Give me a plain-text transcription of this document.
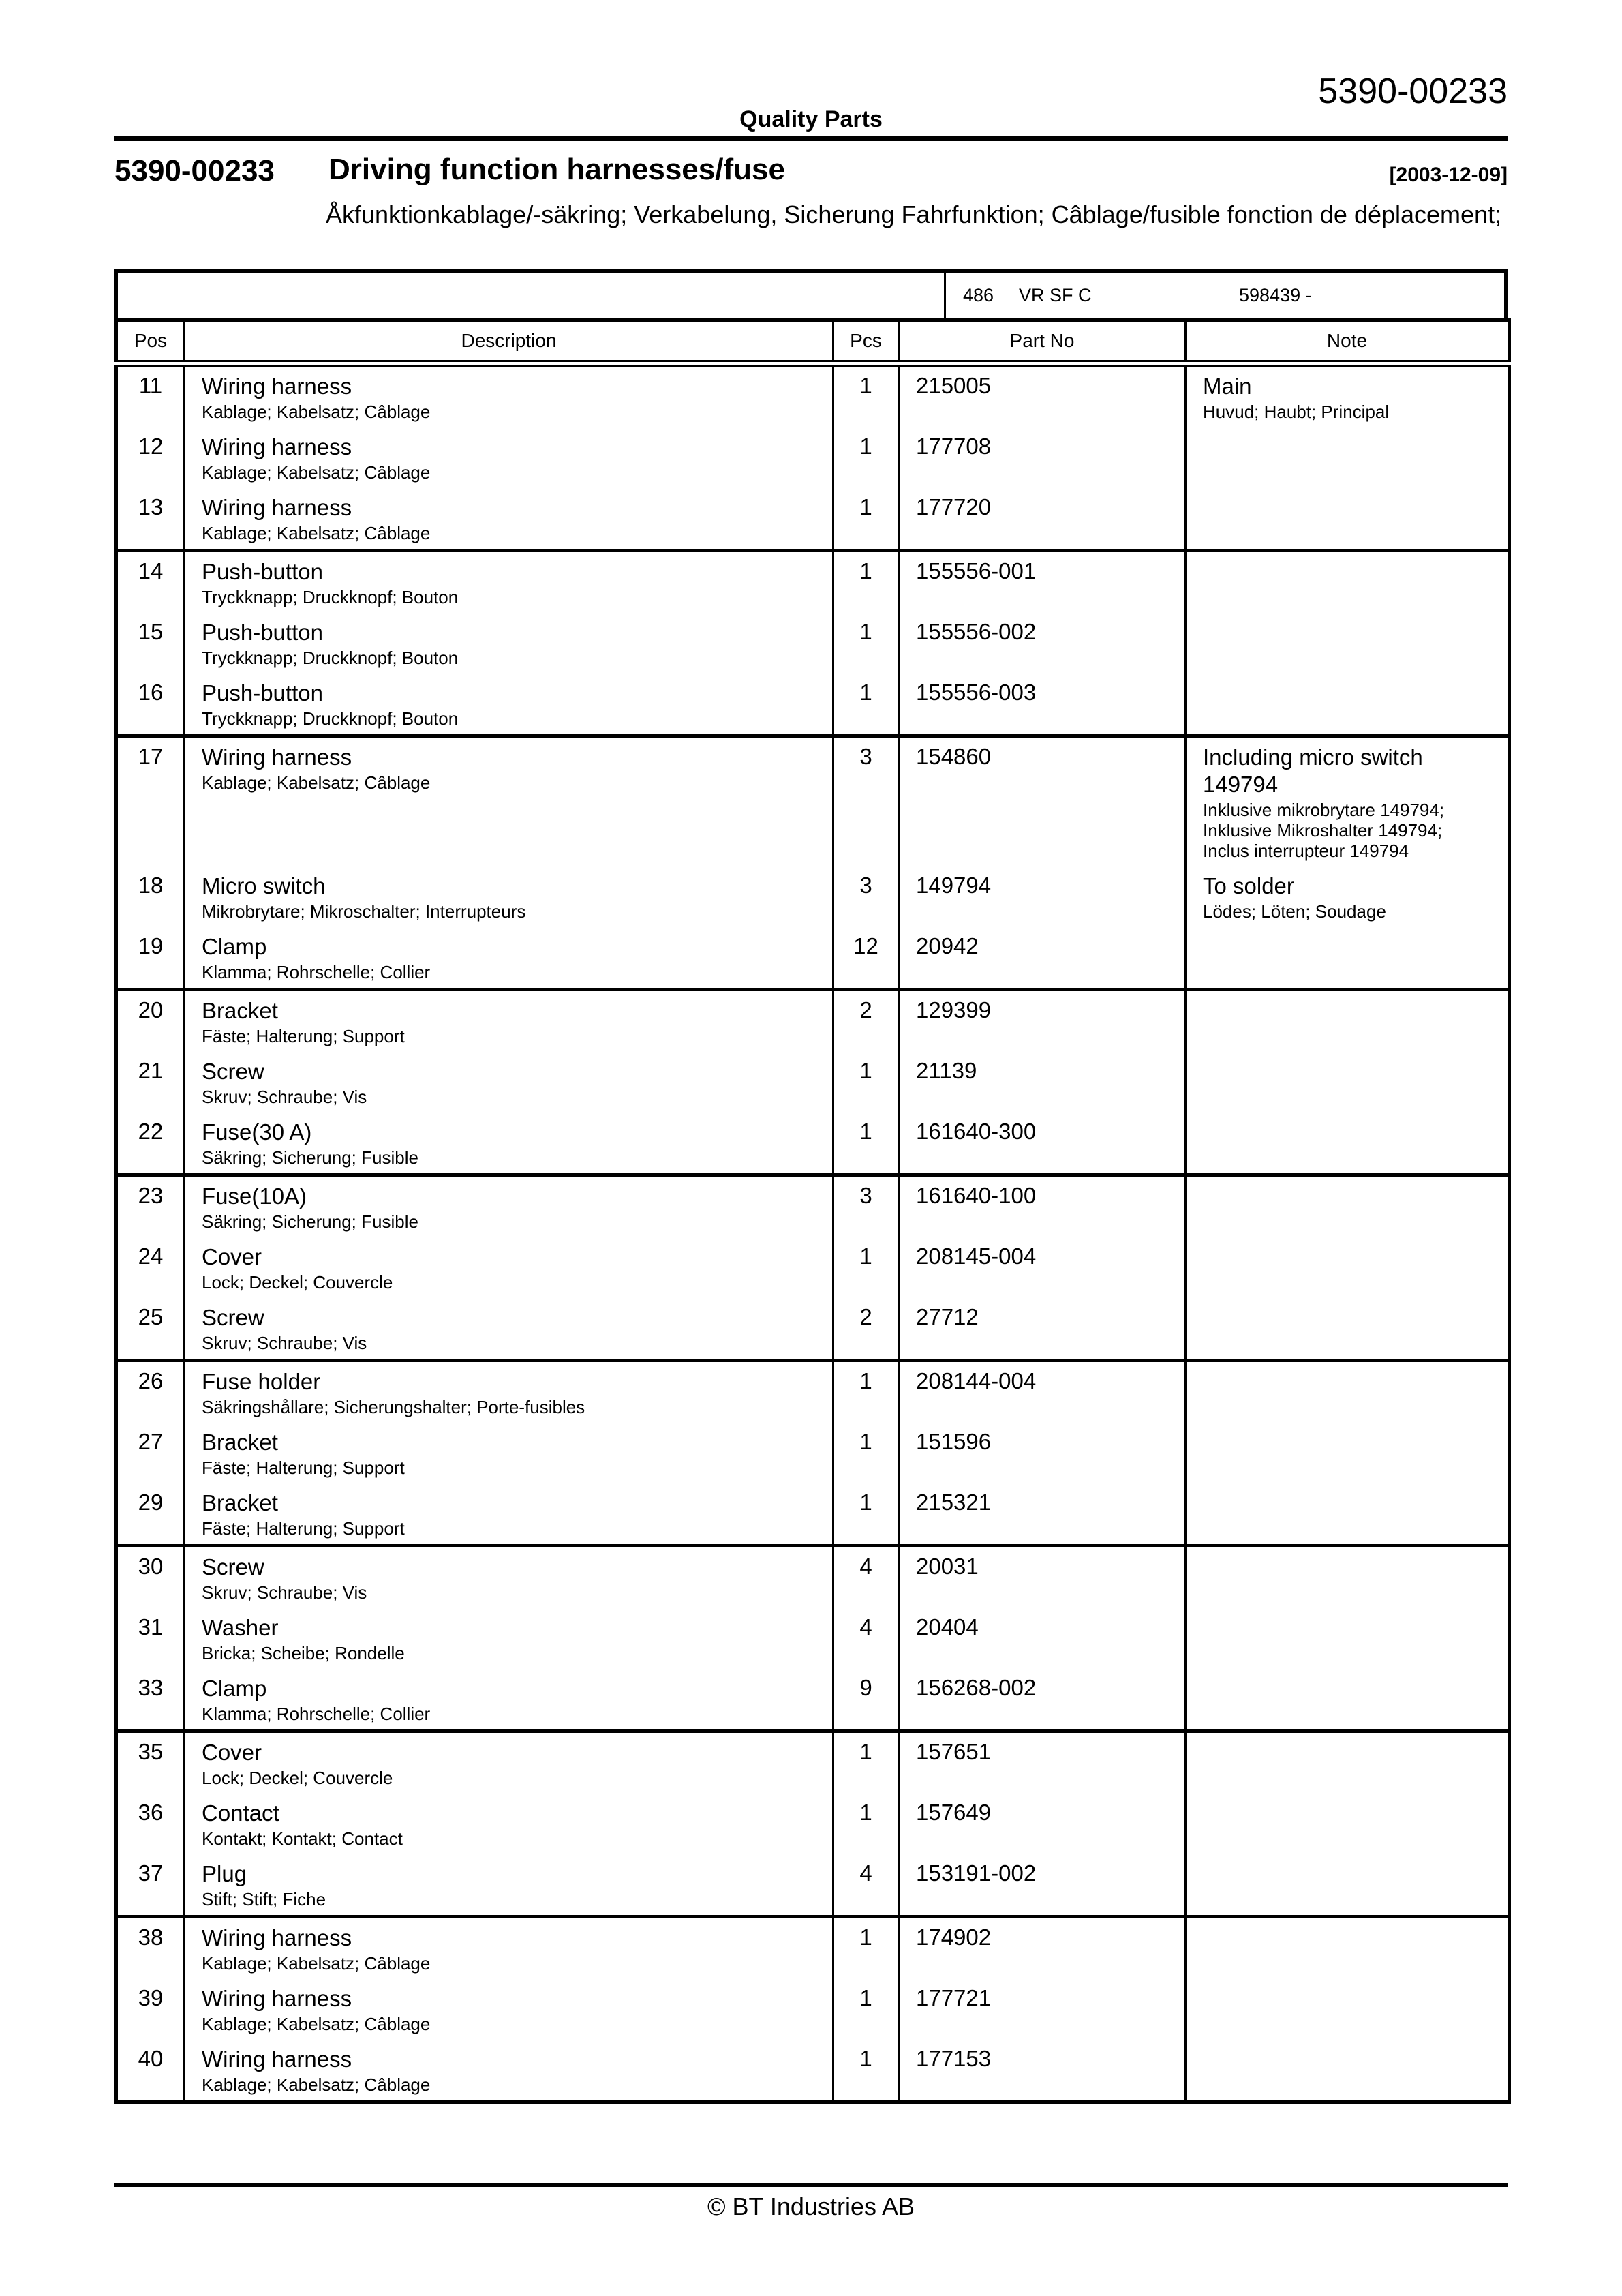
5390-00233
Quality Parts
5390-00233 Driving function harnesses/fuse	[2003-12-09]
Åkfunktionkablage/-säkring; Verkabelung, Sicherung Fahrfunktion; Câblage/fusible fonction de déplacement;
486 VR SF C	598439 -
Pos	Description	Pcs	Part No	Note
11	Wiring harness
Kablage; Kabelsatz; Câblage
	1	215005	Main
Huvud; Haubt; Principal

12	Wiring harness
Kablage; Kabelsatz; Câblage	1	177708	
13	Wiring harness
Kablage; Kabelsatz; Câblage	1	177720	
14	Push-button
Tryckknapp; Druckknopf; Bouton	1	155556-001	
15	Push-button
Tryckknapp; Druckknopf; Bouton	1	155556-002	
16	Push-button
Tryckknapp; Druckknopf; Bouton	1	155556-003	
17	Wiring harness
Kablage; Kabelsatz; Câblage
	3	154860	Including micro switch 149794
Inklusive mikrobrytare 149794;
Inklusive Mikroshalter 149794;
Inclus interrupteur 149794

18	Micro switch
Mikrobrytare; Mikroschalter; Interrupteurs
	3	149794	To solder
Lödes; Löten; Soudage

19	Clamp
Klamma; Rohrschelle; Collier	12	20942	
20	Bracket
Fäste; Halterung; Support	2	129399	
21	Screw
Skruv; Schraube; Vis	1	21139	
22	Fuse(30 A)
Säkring; Sicherung; Fusible	1	161640-300	
23	Fuse(10A)
Säkring; Sicherung; Fusible	3	161640-100	
24	Cover
Lock; Deckel; Couvercle	1	208145-004	
25	Screw
Skruv; Schraube; Vis	2	27712	
26	Fuse holder
Säkringshållare; Sicherungshalter; Porte-fusibles	1	208144-004	
27	Bracket
Fäste; Halterung; Support	1	151596	
29	Bracket
Fäste; Halterung; Support	1	215321	
30	Screw
Skruv; Schraube; Vis	4	20031	
31	Washer
Bricka; Scheibe; Rondelle	4	20404	
33	Clamp
Klamma; Rohrschelle; Collier	9	156268-002	
35	Cover
Lock; Deckel; Couvercle	1	157651	
36	Contact
Kontakt; Kontakt; Contact	1	157649	
37	Plug
Stift; Stift; Fiche	4	153191-002	
38	Wiring harness
Kablage; Kabelsatz; Câblage	1	174902	
39	Wiring harness
Kablage; Kabelsatz; Câblage	1	177721	
40	Wiring harness
Kablage; Kabelsatz; Câblage	1	177153	
© BT Industries AB
